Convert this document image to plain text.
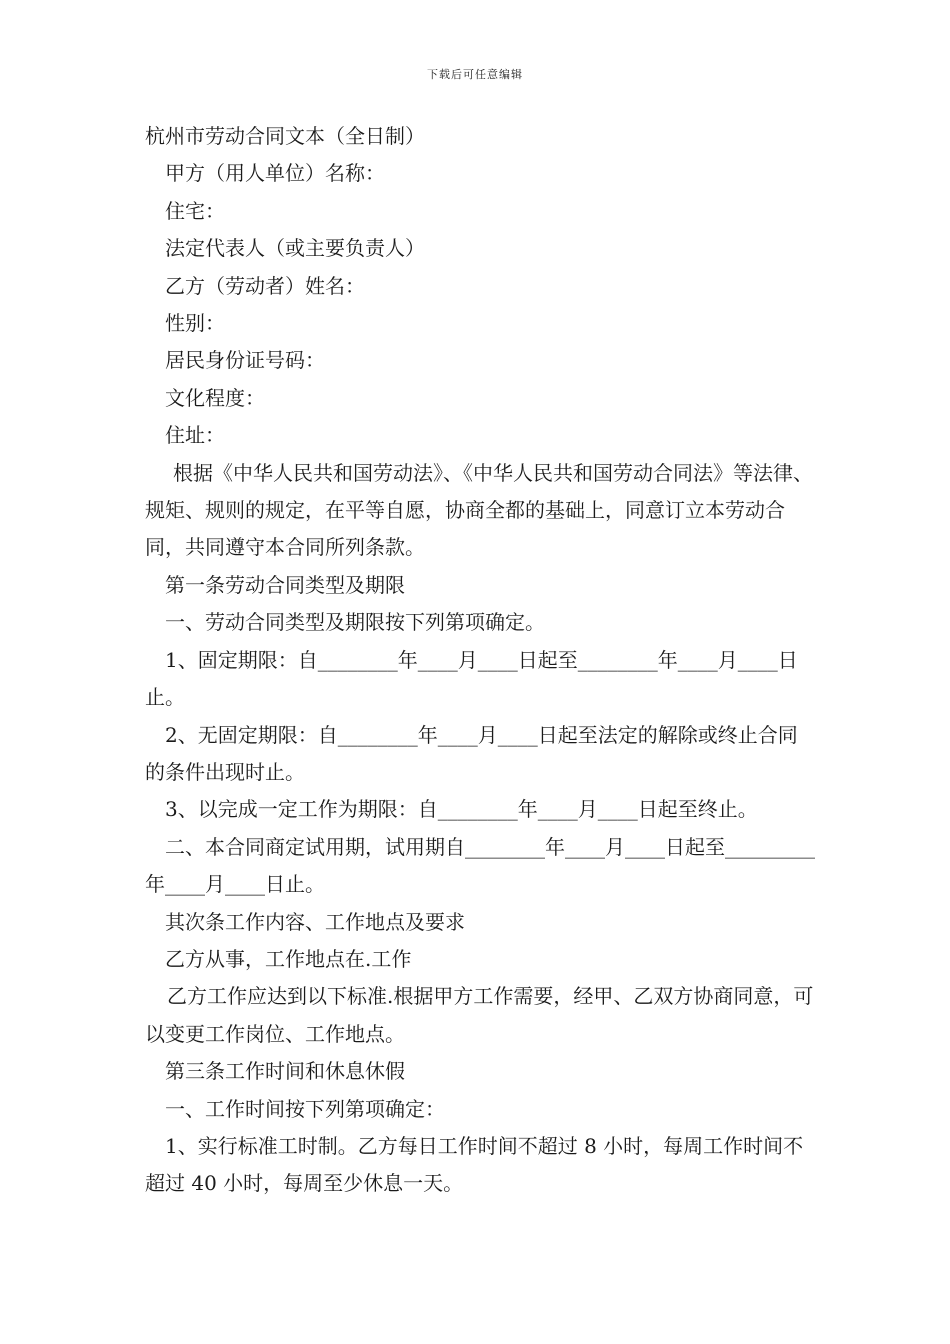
下载后可任意编辑

杭州市劳动合同文本（全日制）

甲方（用人单位）名称：

住宅：

法定代表人（或主要负责人）

乙方（劳动者）姓名：

性别：

居民身份证号码：

文化程度：

住址：

根据《中华人民共和国劳动法》、《中华人民共和国劳动合同法》等法律、规矩、规则的规定，在平等自愿，协商全都的基础上，同意订立本劳动合同，共同遵守本合同所列条款。

第一条劳动合同类型及期限

一、劳动合同类型及期限按下列第项确定。

1、固定期限：自________年____月____日起至________年____月____日止。

2、无固定期限：自________年____月____日起至法定的解除或终止合同的条件出现时止。

3、以完成一定工作为期限：自________年____月____日起至终止。

二、本合同商定试用期，试用期自________年____月____日起至_________年____月____日止。

其次条工作内容、工作地点及要求

乙方从事，工作地点在.工作

乙方工作应达到以下标准.根据甲方工作需要，经甲、乙双方协商同意，可以变更工作岗位、工作地点。

第三条工作时间和休息休假

一、工作时间按下列第项确定：

1、实行标准工时制。乙方每日工作时间不超过 8 小时，每周工作时间不超过 40 小时，每周至少休息一天。
